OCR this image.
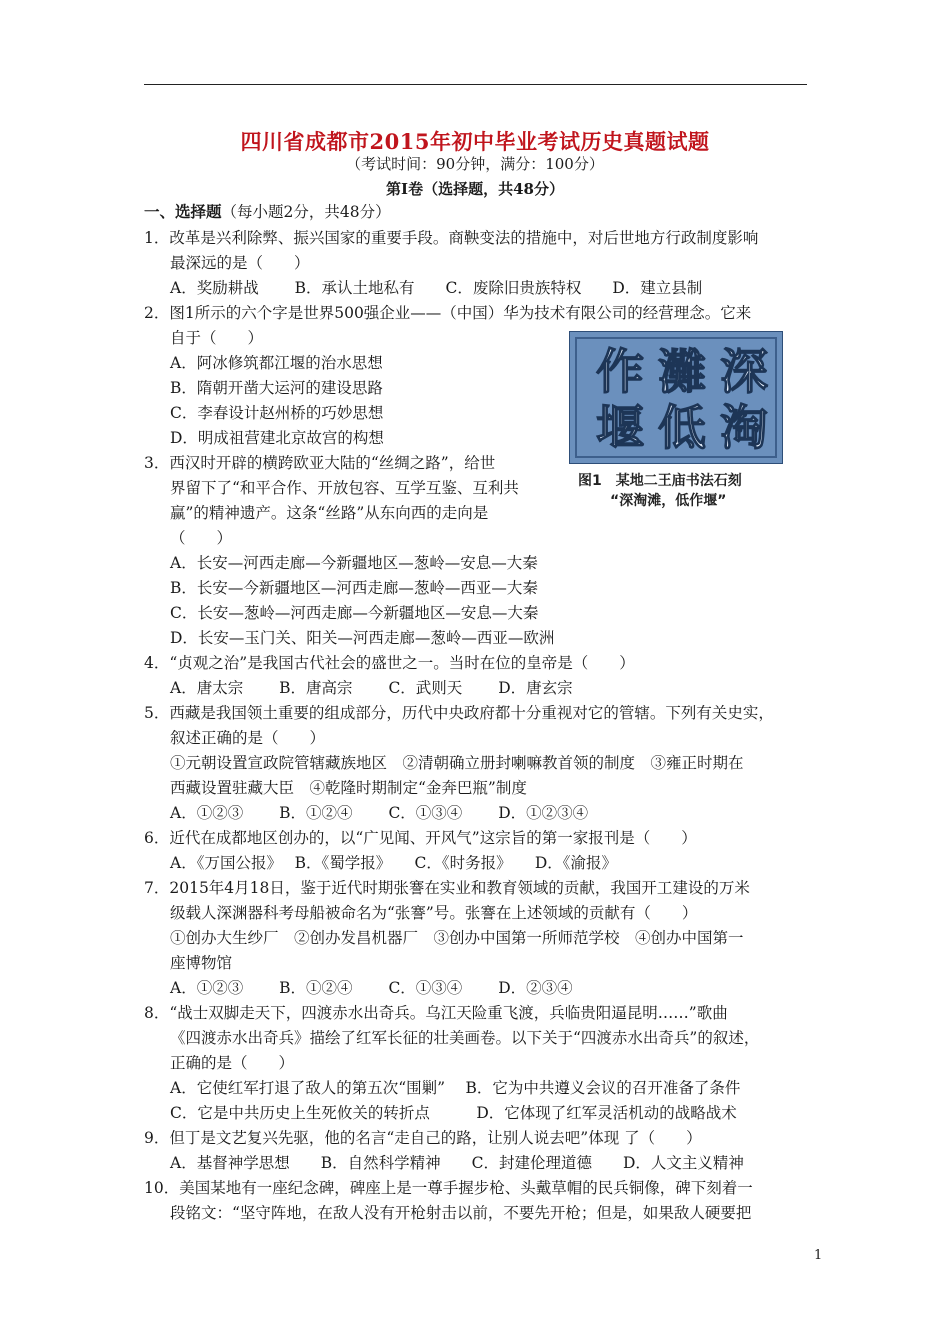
四川省成都市2015年初中毕业考试历史真题试题
（考试时间：90分钟，满分：100分）
第Ⅰ卷（选择题，共48分）
一、选择题（每小题2分，共48分）
1．改革是兴利除弊、振兴国家的重要手段。商鞅变法的措施中，对后世地方行政制度影响
最深远的是（　　）
A．奖励耕战　　 B．承认土地私有　　C．废除旧贵族特权　　D．建立县制
2．图1所示的六个字是世界500强企业——（中国）华为技术有限公司的经营理念。它来
自于（　　）
A．阿冰修筑都江堰的治水思想
B．隋朝开凿大运河的建设思路
C．李春设计赵州桥的巧妙思想
D．明成祖营建北京故宫的构想
3．西汉时开辟的横跨欧亚大陆的“丝绸之路”，给世
界留下了“和平合作、开放包容、互学互鉴、互利共
赢”的精神遗产。这条“丝路”从东向西的走向是
（　　）
A．长安—河西走廊—今新疆地区—葱岭—安息—大秦
B．长安—今新疆地区—河西走廊—葱岭—西亚—大秦
C．长安—葱岭—河西走廊—今新疆地区—安息—大秦
D．长安—玉门关、阳关—河西走廊—葱岭—西亚—欧洲
4．“贞观之治”是我国古代社会的盛世之一。当时在位的皇帝是（　　）
A．唐太宗　　 B．唐高宗　　 C．武则天　　 D．唐玄宗
5．西藏是我国领土重要的组成部分，历代中央政府都十分重视对它的管辖。下列有关史实，
叙述正确的是（　　）
①元朝设置宣政院管辖藏族地区　②清朝确立册封喇嘛教首领的制度　③雍正时期在
西藏设置驻藏大臣　④乾隆时期制定“金奔巴瓶”制度
A．①②③　　 B．①②④　　 C．①③④　　 D．①②③④
6．近代在成都地区创办的，以“广见闻、开风气”这宗旨的第一家报刊是（　　）
A．《万国公报》　 B．《蜀学报》　　C．《时务报》　　D．《渝报》
7．2015年4月18日，鉴于近代时期张謇在实业和教育领域的贡献，我国开工建设的万米
级载人深渊器科考母船被命名为“张謇”号。张謇在上述领域的贡献有（　　）
①创办大生纱厂　②创办发昌机器厂　③创办中国第一所师范学校　④创办中国第一
座博物馆
A．①②③　　 B．①②④　　 C．①③④　　 D．②③④
8．“战士双脚走天下，四渡赤水出奇兵。乌江天险重飞渡，兵临贵阳逼昆明……”歌曲
《四渡赤水出奇兵》描绘了红军长征的壮美画卷。以下关于“四渡赤水出奇兵”的叙述，
正确的是（　　）
A．它使红军打退了敌人的第五次“围剿”　 B．它为中共遵义会议的召开准备了条件
C．它是中共历史上生死攸关的转折点　　　D．它体现了红军灵活机动的战略战术
9．但丁是文艺复兴先驱，他的名言“走自己的路，让别人说去吧”体现 了（　　）
A．基督神学思想　　B．自然科学精神　　C．封建伦理道德　　D．人文主义精神
10．美国某地有一座纪念碑，碑座上是一尊手握步枪、头戴草帽的民兵铜像，碑下刻着一
段铭文：“坚守阵地，在敌人没有开枪射击以前，不要先开枪；但是，如果敌人硬要把
深
灘
作
淘
低
堰
图1　 某地二王庙书法石刻
“深淘滩，低作堰”
1
